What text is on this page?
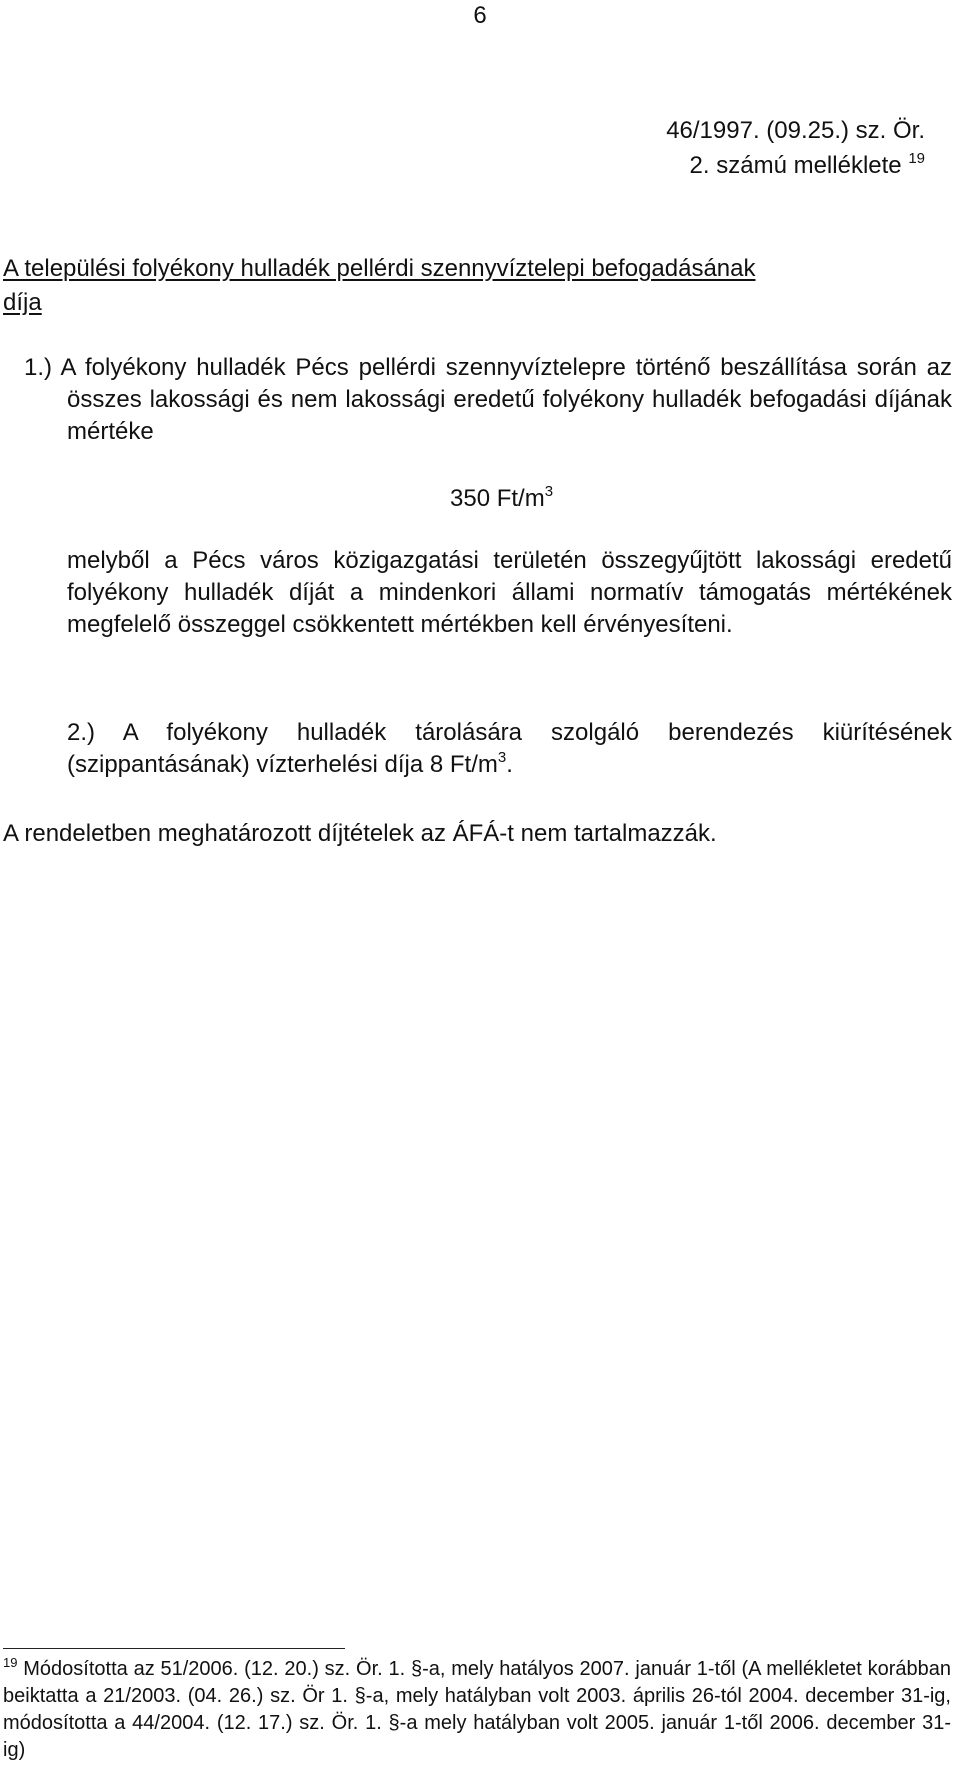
6
46/1997. (09.25.) sz. Ör.
2. számú melléklete $^{19}$
A települési folyékony hulladék pellérdi szennyvíztelepi befogadásának
díja
1.) A folyékony hulladék Pécs pellérdi szennyvíztelepre történő beszállítása során az összes lakossági és nem lakossági eredetű folyékony hulladék befogadási díjának mértéke
350 $Ft/m^3$
melyből a Pécs város közigazgatási területén összegyűjtött lakossági eredetű folyékony hulladék díját a mindenkori állami normatív támogatás mértékének megfelelő összeggel csökkentett mértékben kell érvényesíteni.
2.) A folyékony hulladék tárolására szolgáló berendezés kiürítésének (szippantásának) vízterhelési díja 8 $Ft/m^3$.
A rendeletben meghatározott díjtételek az ÁFÁ-t nem tartalmazzák.
$^{19}$ Módosította az 51/2006. (12. 20.) sz. Ör. 1. §-a, mely hatályos 2007. január 1-től (A mellékletet korábban beiktatta a 21/2003. (04. 26.) sz. Ör 1. §-a, mely hatályban volt 2003. április 26-tól 2004. december 31-ig, módosította a 44/2004. (12. 17.) sz. Ör. 1. §-a mely hatályban volt 2005. január 1-től 2006. december 31-ig)
